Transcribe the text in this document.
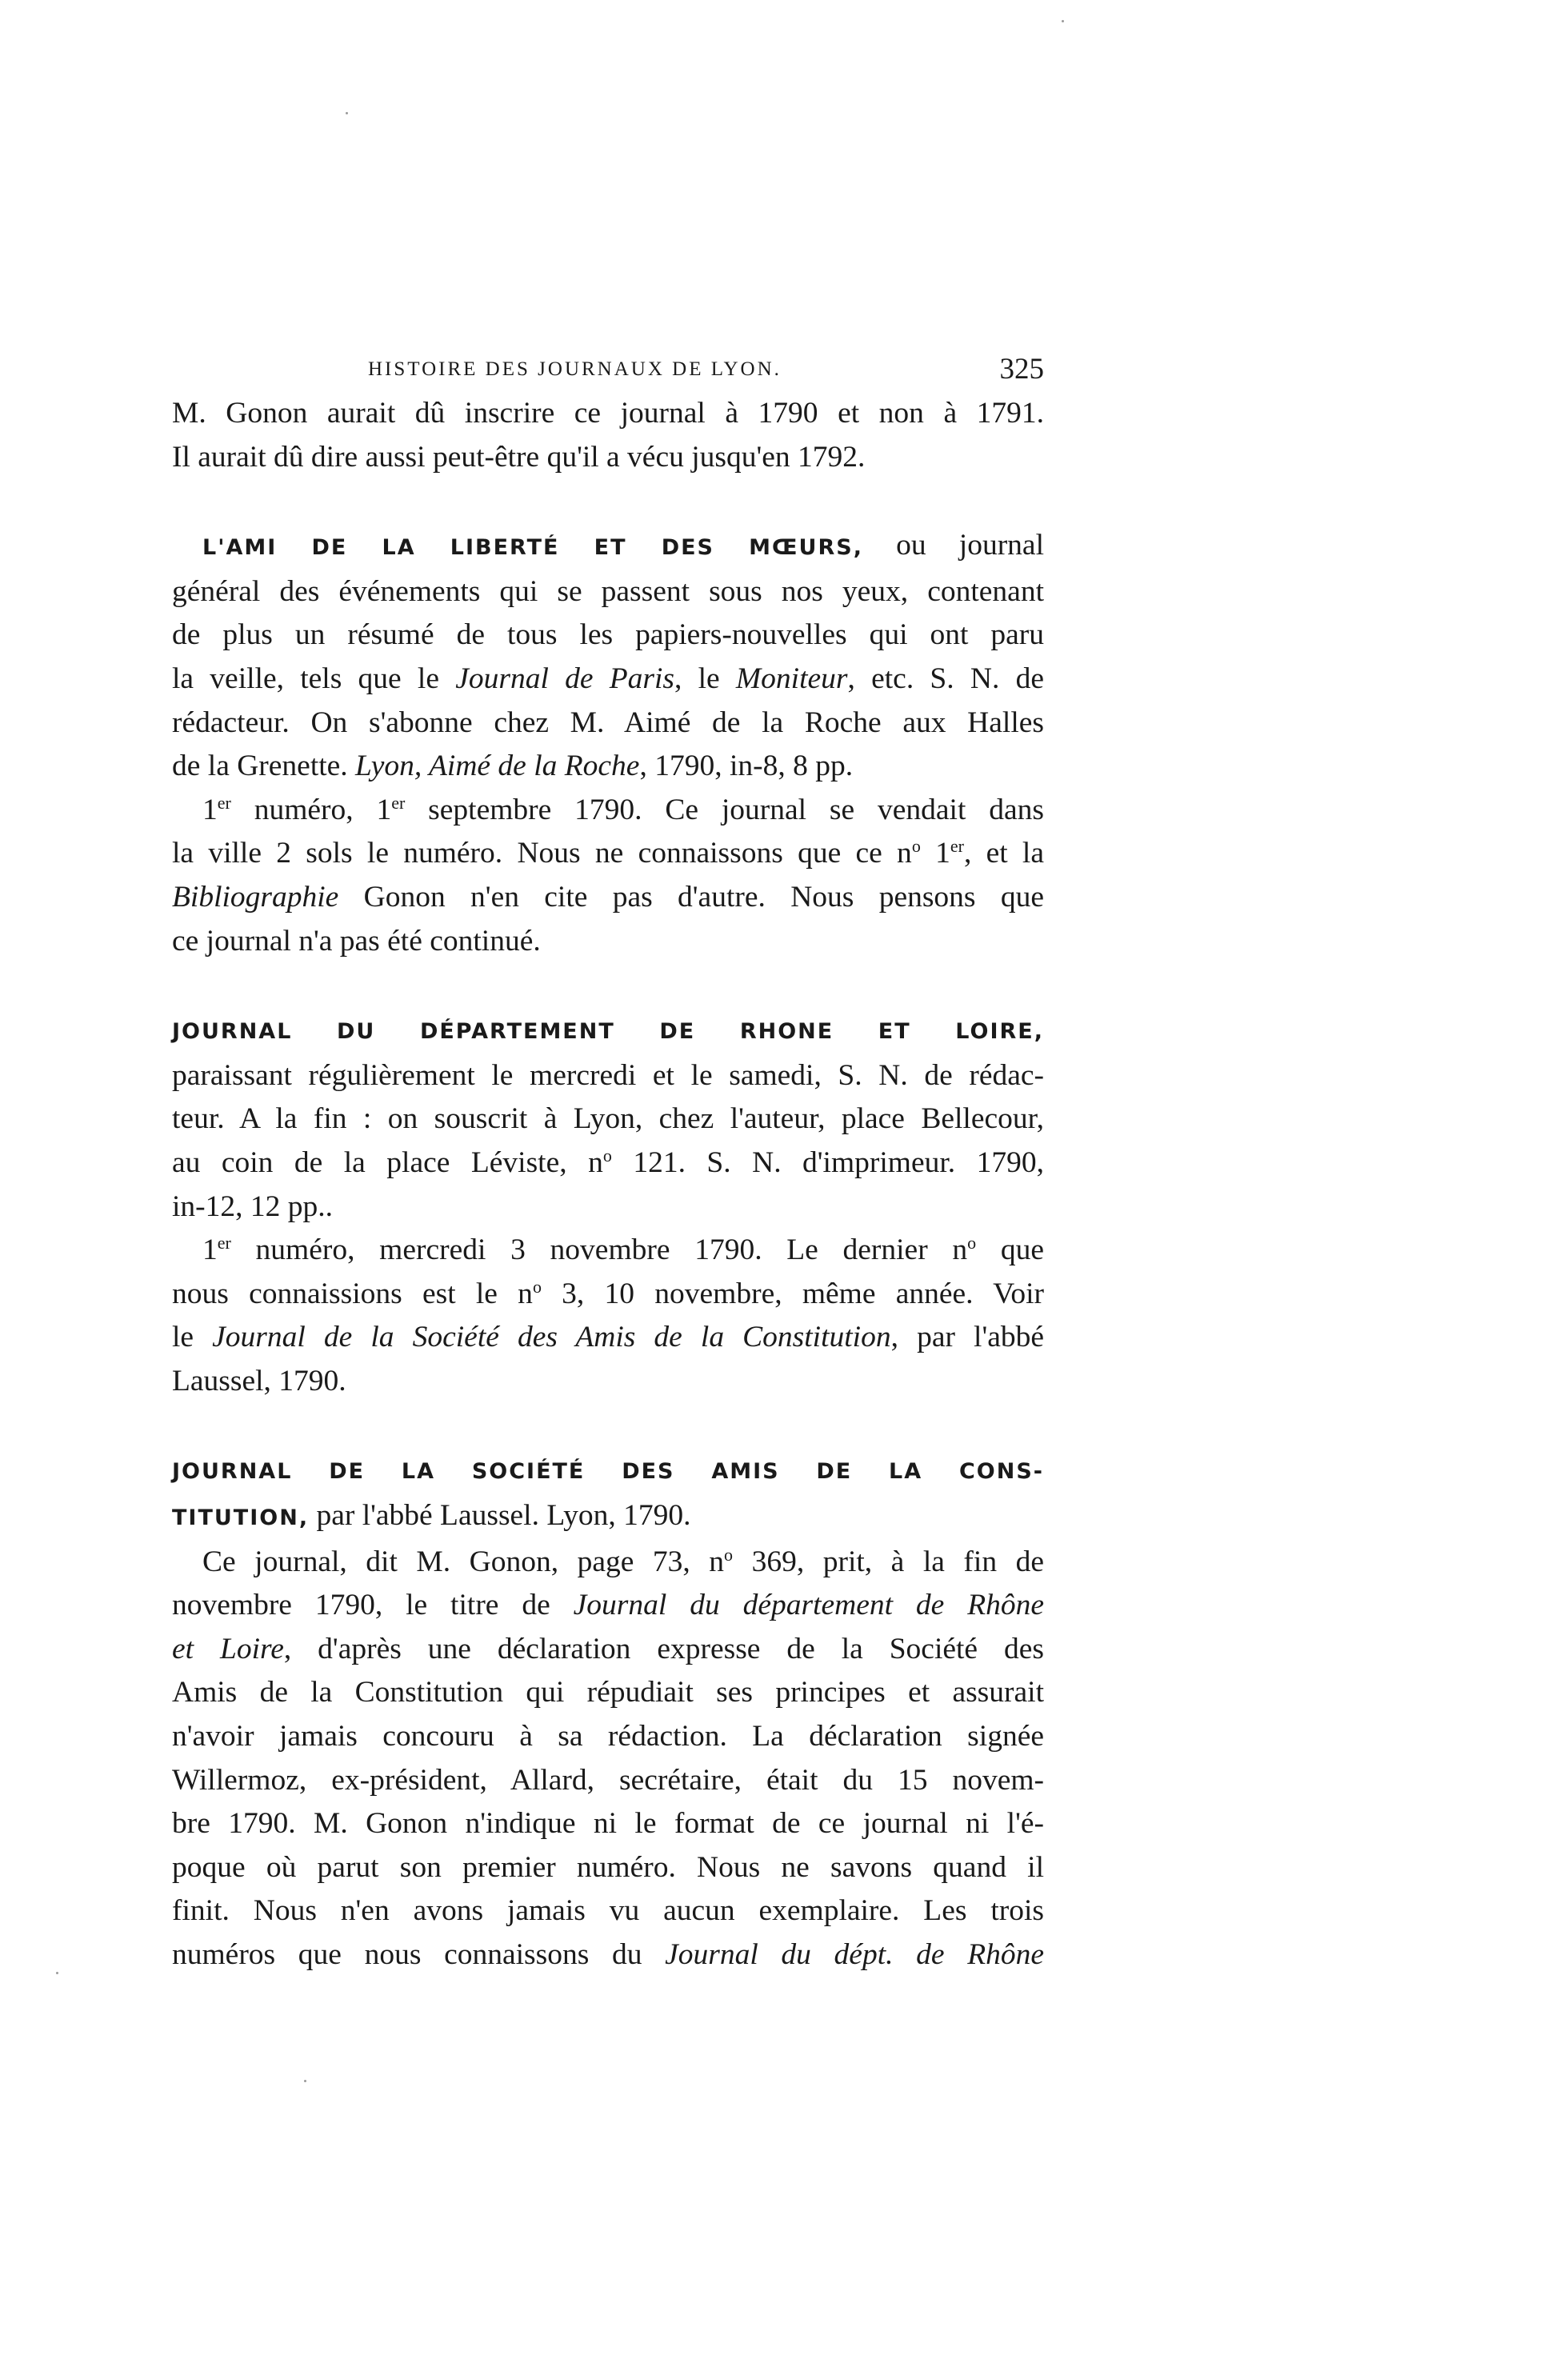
HISTOIRE DES JOURNAUX DE LYON.	325
M. Gonon aurait dû inscrire ce journal à 1790 et non à 1791.
Il aurait dû dire aussi peut-être qu'il a vécu jusqu'en 1792.
L'AMI DE LA LIBERTÉ ET DES MŒURS, ou journal
général des événements qui se passent sous nos yeux, contenant
de plus un résumé de tous les papiers-nouvelles qui ont paru
la veille, tels que le Journal de Paris, le Moniteur, etc. S. N. de
rédacteur. On s'abonne chez M. Aimé de la Roche aux Halles
de la Grenette. Lyon, Aimé de la Roche, 1790, in-8, 8 pp.
1er numéro, 1er septembre 1790. Ce journal se vendait dans
la ville 2 sols le numéro. Nous ne connaissons que ce $n^o$ 1er, et la
Bibliographie Gonon n'en cite pas d'autre. Nous pensons que
ce journal n'a pas été continué.
JOURNAL DU DÉPARTEMENT DE RHONE ET LOIRE,
paraissant régulièrement le mercredi et le samedi, S. N. de rédac-
teur. A la fin : on souscrit à Lyon, chez l'auteur, place Bellecour,
au coin de la place Léviste, $n^o$ 121. S. N. d'imprimeur. 1790,
in-12, 12 pp..
1er numéro, mercredi 3 novembre 1790. Le dernier $n^o$ que
nous connaissions est le $n^o$ 3, 10 novembre, même année. Voir
le Journal de la Société des Amis de la Constitution, par l'abbé
Laussel, 1790.
JOURNAL DE LA SOCIÉTÉ DES AMIS DE LA CONS-
TITUTION, par l'abbé Laussel. Lyon, 1790.
Ce journal, dit M. Gonon, page 73, $n^o$ 369, prit, à la fin de
novembre 1790, le titre de Journal du département de Rhône
et Loire, d'après une déclaration expresse de la Société des
Amis de la Constitution qui répudiait ses principes et assurait
n'avoir jamais concouru à sa rédaction. La déclaration signée
Willermoz, ex-président, Allard, secrétaire, était du 15 novem-
bre 1790. M. Gonon n'indique ni le format de ce journal ni l'é-
poque où parut son premier numéro. Nous ne savons quand il
finit. Nous n'en avons jamais vu aucun exemplaire. Les trois
numéros que nous connaissons du Journal du dépt. de Rhône
